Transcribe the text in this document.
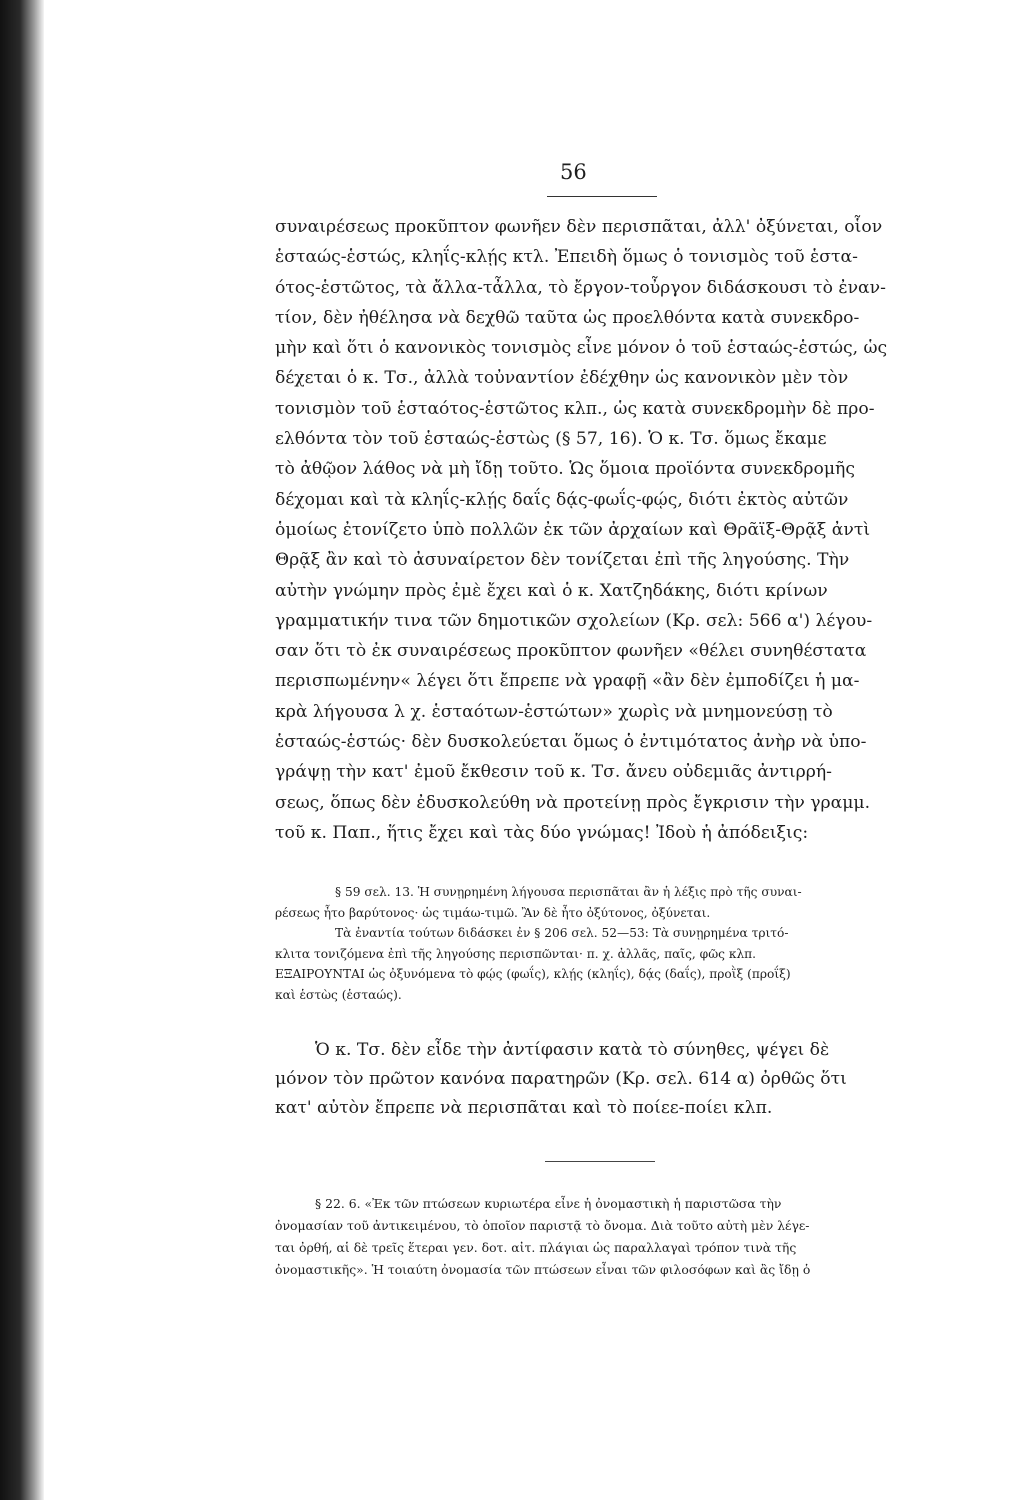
56
συναιρέσεως προκῦπτον φωνῆεν δὲν περισπᾶται, ἀλλ' ὀξύνεται, οἷον
ἑσταώς-ἑστώς, κληΐς-κλῄς κτλ. Ἐπειδὴ ὅμως ὁ τονισμὸς τοῦ ἑστα-
ότος-ἑστῶτος, τὰ ἄλλα-τἆλλα, τὸ ἔργον-τοὖργον διδάσκουσι τὸ ἐναν-
τίον, δὲν ἠθέλησα νὰ δεχθῶ ταῦτα ὡς προελθόντα κατὰ συνεκδρο-
μὴν καὶ ὅτι ὁ κανονικὸς τονισμὸς εἶνε μόνον ὁ τοῦ ἑσταώς-ἑστώς, ὡς
δέχεται ὁ κ. Τσ., ἀλλὰ τοὐναντίον ἐδέχθην ὡς κανονικὸν μὲν τὸν
τονισμὸν τοῦ ἑσταότος-ἑστῶτος κλπ., ὡς κατὰ συνεκδρομὴν δὲ προ-
ελθόντα τὸν τοῦ ἑσταώς-ἑστὼς (§ 57, 16). Ὁ κ. Τσ. ὅμως ἔκαμε
τὸ ἀθῷον λάθος νὰ μὴ ἴδῃ τοῦτο. Ὡς ὅμοια προϊόντα συνεκδρομῆς
δέχομαι καὶ τὰ κληΐς-κλῄς δαΐς δᾴς-φωΐς-φῴς, διότι ἐκτὸς αὐτῶν
ὁμοίως ἐτονίζετο ὑπὸ πολλῶν ἐκ τῶν ἀρχαίων καὶ Θρᾶϊξ-Θρᾷξ ἀντὶ
Θρᾷξ ἂν καὶ τὸ ἀσυναίρετον δὲν τονίζεται ἐπὶ τῆς ληγούσης. Τὴν
αὐτὴν γνώμην πρὸς ἐμὲ ἔχει καὶ ὁ κ. Χατζηδάκης, διότι κρίνων
γραμματικήν τινα τῶν δημοτικῶν σχολείων (Κρ. σελ: 566 α') λέγου-
σαν ὅτι τὸ ἐκ συναιρέσεως προκῦπτον φωνῆεν «θέλει συνηθέστατα
περισπωμένην« λέγει ὅτι ἔπρεπε νὰ γραφῇ «ἂν δὲν ἐμποδίζει ἡ μα-
κρὰ λήγουσα λ χ. ἑσταότων-ἑστώτων» χωρὶς νὰ μνημονεύσῃ τὸ
ἑσταώς-ἑστώς· δὲν δυσκολεύεται ὅμως ὁ ἐντιμότατος ἀνὴρ νὰ ὑπο-
γράψῃ τὴν κατ' ἐμοῦ ἔκθεσιν τοῦ κ. Τσ. ἄνευ οὐδεμιᾶς ἀντιρρή-
σεως, ὅπως δὲν ἐδυσκολεύθη νὰ προτείνῃ πρὸς ἔγκρισιν τὴν γραμμ.
τοῦ κ. Παπ., ἥτις ἔχει καὶ τὰς δύο γνώμας! Ἰδοὺ ἡ ἀπόδειξις:
§ 59 σελ. 13. Ἡ συνῃρημένη λήγουσα περισπᾶται ἂν ἡ λέξις πρὸ τῆς συναι-
ρέσεως ἦτο βαρύτονος· ὡς τιμάω-τιμῶ. Ἂν δὲ ἦτο ὀξύτονος, ὀξύνεται.
Τὰ ἐναντία τούτων διδάσκει ἐν § 206 σελ. 52—53: Τὰ συνῃρημένα τριτό-
κλιτα τονιζόμενα ἐπὶ τῆς ληγούσης περισπῶνται· π. χ. ἀλλᾶς, παῖς, φῶς κλπ.
ΕΞΑΙΡΟΥΝΤΑΙ ὡς ὀξυνόμενα τὸ φῴς (φωΐς), κλῄς (κληΐς), δᾴς (δαΐς), προῒξ (προΐξ)
καὶ ἑστὼς (ἑσταώς).
Ὁ κ. Τσ. δὲν εἶδε τὴν ἀντίφασιν κατὰ τὸ σύνηθες, ψέγει δὲ
μόνον τὸν πρῶτον κανόνα παρατηρῶν (Κρ. σελ. 614 α) ὀρθῶς ὅτι
κατ' αὐτὸν ἔπρεπε νὰ περισπᾶται καὶ τὸ ποίεε-ποίει κλπ.
§ 22. 6. «Ἐκ τῶν πτώσεων κυριωτέρα εἶνε ἡ ὀνομαστικὴ ἡ παριστῶσα τὴν
ὀνομασίαν τοῦ ἀντικειμένου, τὸ ὁποῖον παριστᾷ τὸ ὄνομα. Διὰ τοῦτο αὐτὴ μὲν λέγε-
ται ὀρθή, αἱ δὲ τρεῖς ἕτεραι γεν. δοτ. αἰτ. πλάγιαι ὡς παραλλαγαὶ τρόπον τινὰ τῆς
ὀνομαστικῆς». Ἡ τοιαύτη ὀνομασία τῶν πτώσεων εἶναι τῶν φιλοσόφων καὶ ἂς ἴδῃ ὁ
